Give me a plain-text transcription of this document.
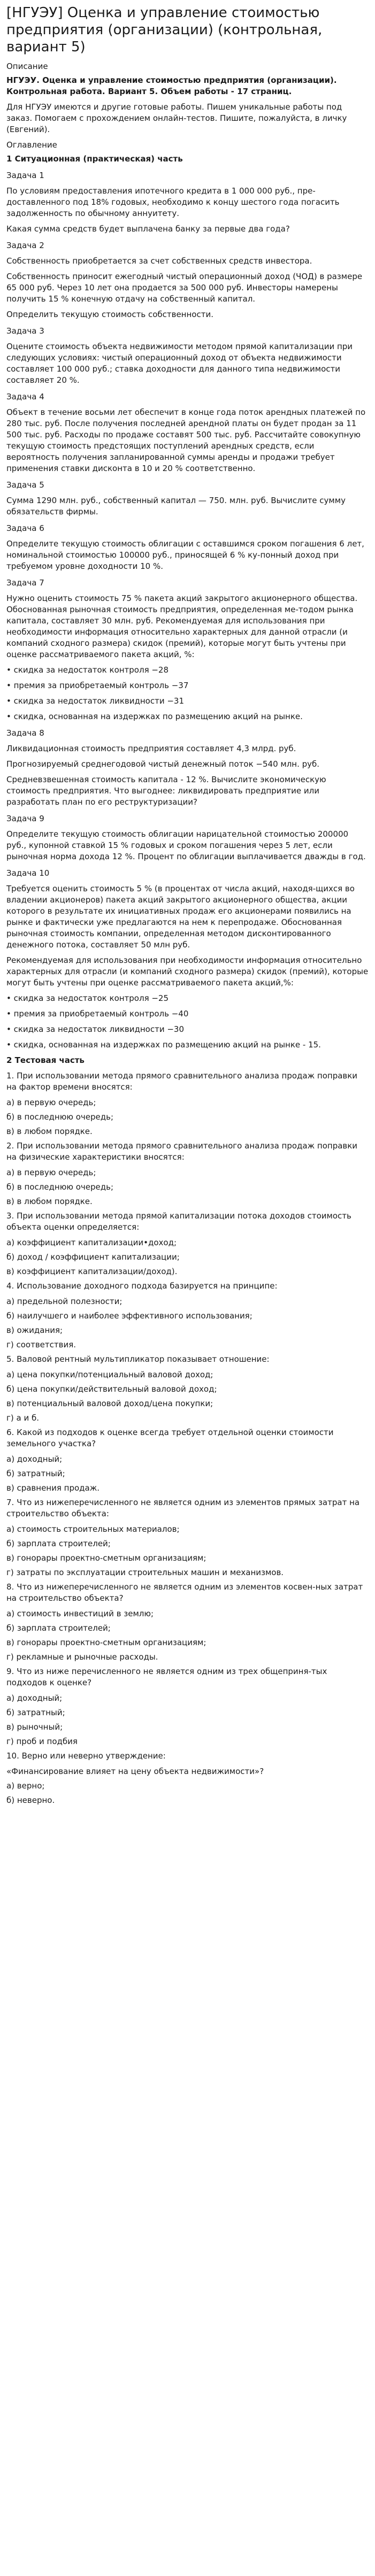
[НГУЭУ] Оценка и управление стоимостью предприятия (организации) (контрольная, вариант 5)
Описание

НГУЭУ. Оценка и управление стоимостью предприятия (организации). Контрольная работа. Вариант 5. Объем работы - 17 страниц.

Для НГУЭУ имеются и другие готовые работы. Пишем уникальные работы под заказ. Помогаем с прохождением онлайн-тестов. Пишите, пожалуйста, в личку (Евгений).

Оглавление
1 Ситуационная (практическая) часть
Задача 1

По условиям предоставления ипотечного кредита в 1 000 000 руб., пре-доставленного под 18% годовых, необходимо к концу шестого года погасить задолженность по обычному аннуитету.

Какая сумма средств будет выплачена банку за первые два года?

Задача 2

Собственность приобретается за счет собственных средств инвестора.

Собственность приносит ежегодный чистый операционный доход (ЧОД) в размере 65 000 руб. Через 10 лет она продается за 500 000 руб. Инвесторы намерены получить 15 % конечную отдачу на собственный капитал.

Определить текущую стоимость собственности.

Задача 3

Оцените стоимость объекта недвижимости методом прямой капитализации при следующих условиях: чистый операционный доход от объекта недвижимости составляет 100 000 руб.; ставка доходности для данного типа недвижимости составляет 20 %.

Задача 4

Объект в течение восьми лет обеспечит в конце года поток арендных платежей по 280 тыс. руб. После получения последней арендной платы он будет продан за 11 500 тыс. руб. Расходы по продаже составят 500 тыс. руб. Рассчитайте совокупную текущую стоимость предстоящих поступлений арендных средств, если вероятность получения запланированной суммы аренды и продажи требует применения ставки дисконта в 10 и 20 % соответственно.

Задача 5

Сумма 1290 млн. руб., собственный капитал — 750. млн. руб. Вычислите сумму обязательств фирмы.

Задача 6

Определите текущую стоимость облигации с оставшимся сроком погашения 6 лет, номинальной стоимостью 100000 руб., приносящей 6 % ку-понный доход при требуемом уровне доходности 10 %.

Задача 7

Нужно оценить стоимость 75 % пакета акций закрытого акционерного общества. Обоснованная рыночная стоимость предприятия, определенная ме-тодом рынка капитала, составляет 30 млн. руб. Рекомендуемая для использования при необходимости информация относительно характерных для данной отрасли (и компаний сходного размера) скидок (премий), которые могут быть учтены при оценке рассматриваемого пакета акций, %:

• скидка за недостаток контроля −28

• премия за приобретаемый контроль −37

• скидка за недостаток ликвидности −31

• скидка, основанная на издержках по размещению акций на рынке.

Задача 8

Ликвидационная стоимость предприятия составляет 4,3 млрд. руб.

Прогнозируемый среднегодовой чистый денежный поток −540 млн. руб.

Средневзвешенная стоимость капитала - 12 %. Вычислите экономическую стоимость предприятия. Что выгоднее: ликвидировать предприятие или разработать план по его реструктуризации?

Задача 9

Определите текущую стоимость облигации нарицательной стоимостью 200000 руб., купонной ставкой 15 % годовых и сроком погашения через 5 лет, если рыночная норма дохода 12 %. Процент по облигации выплачивается дважды в год.

Задача 10

Требуется оценить стоимость 5 % (в процентах от числа акций, находя-щихся во владении акционеров) пакета акций закрытого акционерного общества, акции которого в результате их инициативных продаж его акционерами появились на рынке и фактически уже предлагаются на нем к перепродаже. Обоснованная рыночная стоимость компании, определенная методом дисконтированного денежного потока, составляет 50 млн руб.

Рекомендуемая для использования при необходимости информация относительно характерных для отрасли (и компаний сходного размера) скидок (премий), которые могут быть учтены при оценке рассматриваемого пакета акций,%:

• скидка за недостаток контроля −25

• премия за приобретаемый контроль −40

• скидка за недостаток ликвидности −30

• скидка, основанная на издержках по размещению акций на рынке - 15.

2 Тестовая часть

1. При использовании метода прямого сравнительного анализа продаж поправки на фактор времени вносятся:

а) в первую очередь;
б) в последнюю очередь;
в) в любом порядке.

2. При использовании метода прямого сравнительного анализа продаж поправки на физические характеристики вносятся:

а) в первую очередь;
б) в последнюю очередь;
в) в любом порядке.

3. При использовании метода прямой капитализации потока доходов стоимость объекта оценки определяется:

а) коэффициент капитализации•доход;
б) доход / коэффициент капитализации;
в) коэффициент капитализации/доход).

4. Использование доходного подхода базируется на принципе:

а) предельной полезности;
б) наилучшего и наиболее эффективного использования;
в) ожидания;
г) соответствия.

5. Валовой рентный мультипликатор показывает отношение:

а) цена покупки/потенциальный валовой доход;
б) цена покупки/действительный валовой доход;
в) потенциальный валовой доход/цена покупки;
г) а и б.

6. Какой из подходов к оценке всегда требует отдельной оценки стоимости земельного участка?

а) доходный;
б) затратный;
в) сравнения продаж.

7. Что из нижеперечисленного не является одним из элементов прямых затрат на строительство объекта:

а) стоимость строительных материалов;
б) зарплата строителей;
в) гонорары проектно-сметным организациям;
г) затраты по эксплуатации строительных машин и механизмов.

8. Что из нижеперечисленного не является одним из элементов косвен-ных затрат на строительство объекта?

а) стоимость инвестиций в землю;
б) зарплата строителей;
в) гонорары проектно-сметным организациям;
г) рекламные и рыночные расходы.

9. Что из ниже перечисленного не является одним из трех общеприня-тых подходов к оценке?

а) доходный;
б) затратный;
в) рыночный;
г) проб и подбия

10. Верно или неверно утверждение:

«Финансирование влияет на цену объекта недвижимости»?
а) верно;
б) неверно.
